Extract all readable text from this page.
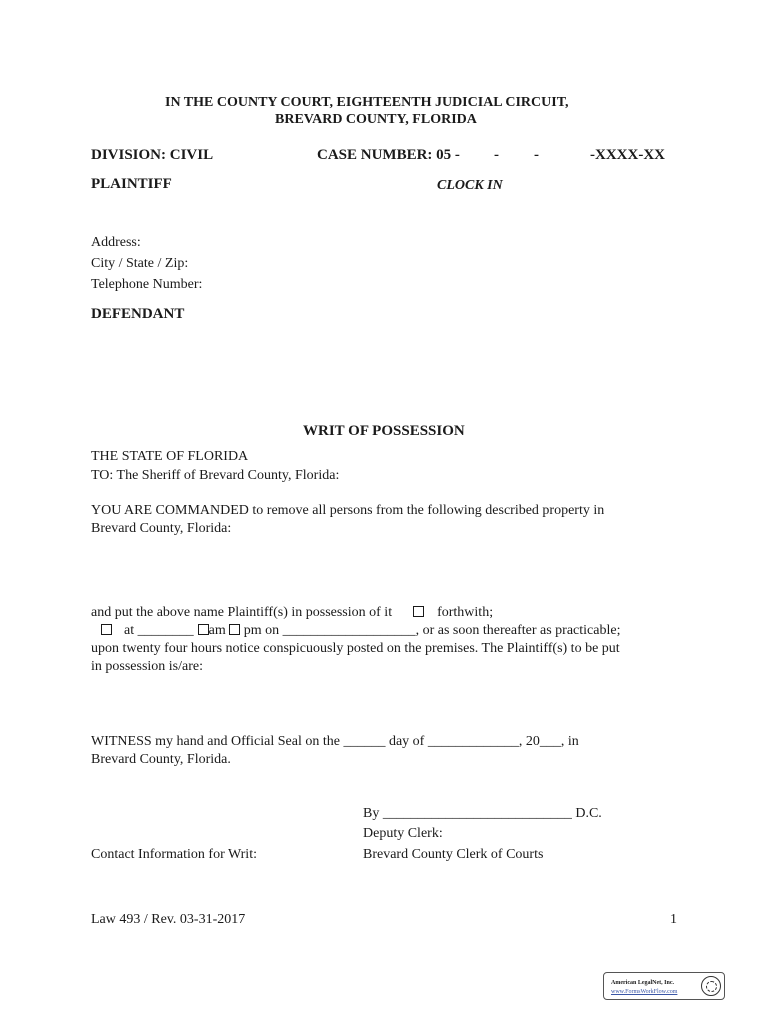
IN THE COUNTY COURT, EIGHTEENTH JUDICIAL CIRCUIT,
BREVARD COUNTY, FLORIDA
DIVISION: CIVIL	CASE NUMBER: 05 - - -	-XXXX-XX
PLAINTIFF	CLOCK IN
Address:
City / State / Zip:
Telephone Number:
DEFENDANT
WRIT OF POSSESSION
THE STATE OF FLORIDA
TO: The Sheriff of Brevard County, Florida:
YOU ARE COMMANDED to remove all persons from the following described property in
Brevard County, Florida:
and put the above name Plaintiff(s) in possession of it	forthwith;
at ________ am pm on ___________________, or as soon thereafter as practicable;
upon twenty four hours notice conspicuously posted on the premises. The Plaintiff(s) to be put
in possession is/are:
WITNESS my hand and Official Seal on the ______ day of _____________, 20___, in
Brevard County, Florida.
By ___________________________ D.C.
Deputy Clerk:
Brevard County Clerk of Courts
Contact Information for Writ:
Law 493 / Rev. 03-31-2017	1
American LegalNet, Inc.
www.FormsWorkFlow.com
